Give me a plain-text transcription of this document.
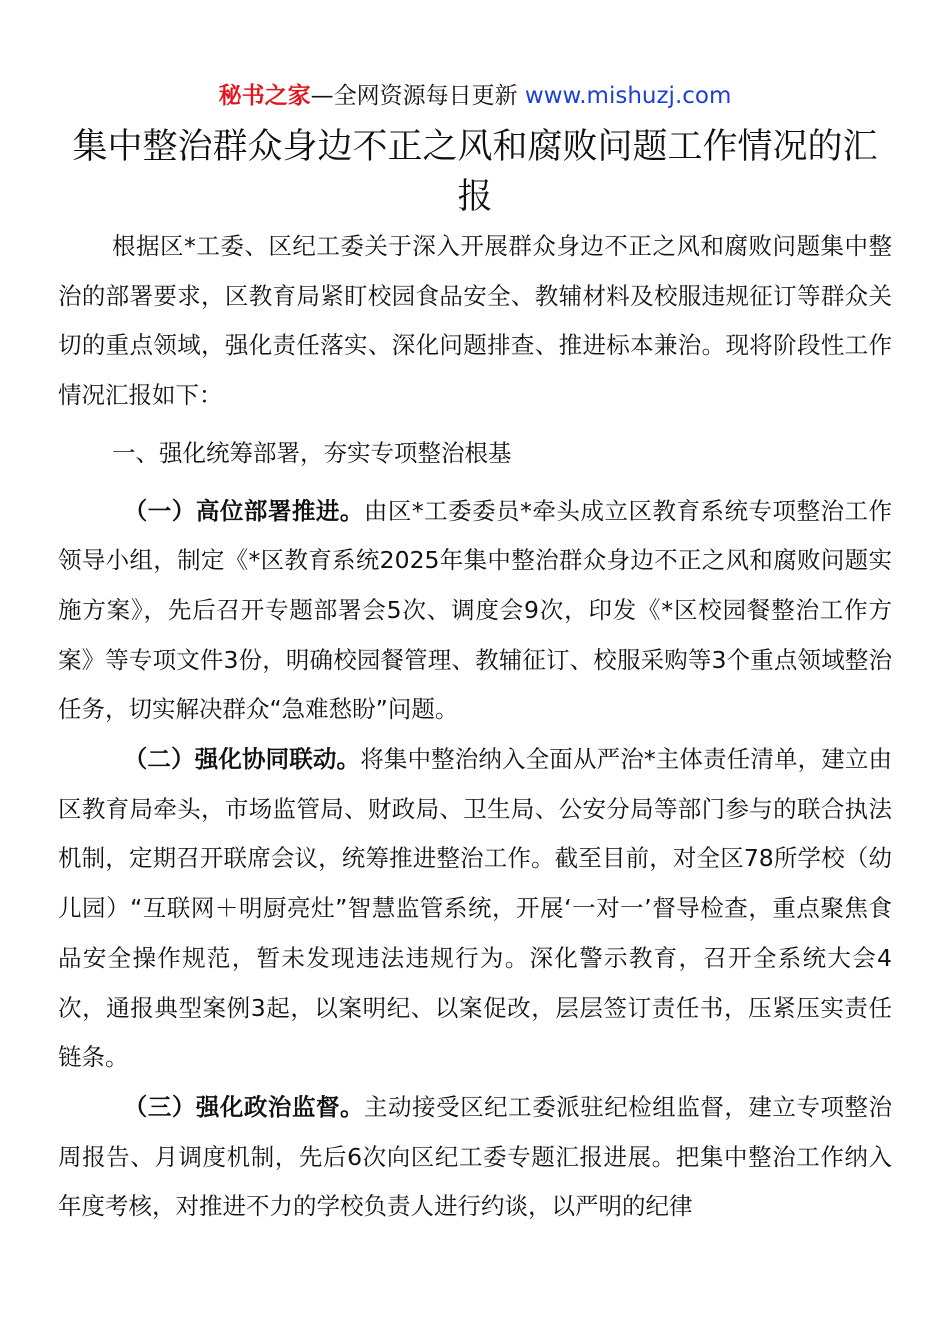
秘书之家—全网资源每日更新 www.mishuzj.com
集中整治群众身边不正之风和腐败问题工作情况的汇报

根据区*工委、区纪工委关于深入开展群众身边不正之风和腐败问题集中整治的部署要求，区教育局紧盯校园食品安全、教辅材料及校服违规征订等群众关切的重点领域，强化责任落实、深化问题排查、推进标本兼治。现将阶段性工作情况汇报如下：

一、强化统筹部署，夯实专项整治根基

（一）高位部署推进。由区*工委委员*牵头成立区教育系统专项整治工作领导小组，制定《*区教育系统2025年集中整治群众身边不正之风和腐败问题实施方案》，先后召开专题部署会5次、调度会9次，印发《*区校园餐整治工作方案》等专项文件3份，明确校园餐管理、教辅征订、校服采购等3个重点领域整治任务，切实解决群众“急难愁盼”问题。

（二）强化协同联动。将集中整治纳入全面从严治*主体责任清单，建立由区教育局牵头，市场监管局、财政局、卫生局、公安分局等部门参与的联合执法机制，定期召开联席会议，统筹推进整治工作。截至目前，对全区78所学校（幼儿园）“互联网＋明厨亮灶”智慧监管系统，开展‘一对一’督导检查，重点聚焦食品安全操作规范，暂未发现违法违规行为。深化警示教育，召开全系统大会4次，通报典型案例3起，以案明纪、以案促改，层层签订责任书，压紧压实责任链条。

（三）强化政治监督。主动接受区纪工委派驻纪检组监督，建立专项整治周报告、月调度机制，先后6次向区纪工委专题汇报进展。把集中整治工作纳入年度考核，对推进不力的学校负责人进行约谈，以严明的纪律
